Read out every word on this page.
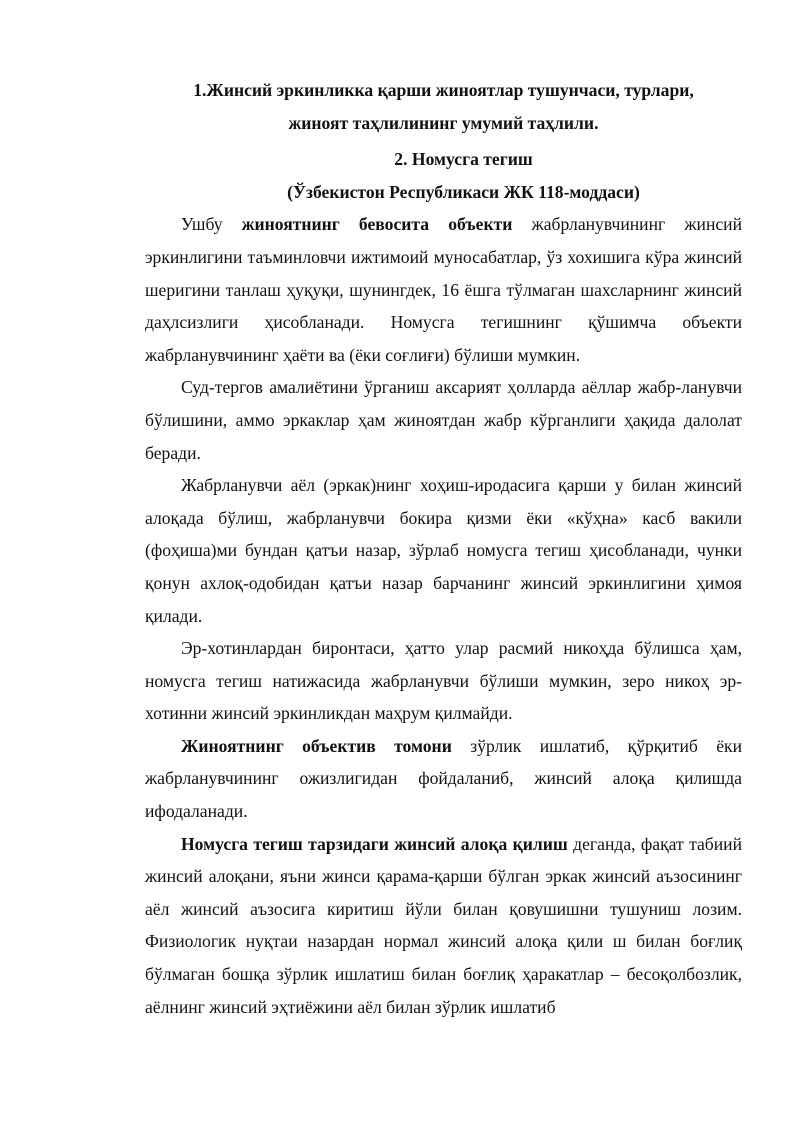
1.Жинсий эркинликка қарши жиноятлар тушунчаси, турлари,
жиноят таҳлилининг умумий таҳлили.
2. Номусга тегиш
(Ўзбекистон Республикаси ЖК 118-моддаси)

Ушбу жиноятнинг бевосита объекти жабрланувчининг жинсий эркинлигини таъминловчи ижтимоий муносабатлар, ўз хохишига кўра жинсий шеригини танлаш ҳуқуқи, шунингдек, 16 ёшга тўлмаган шахсларнинг жинсий даҳлсизлиги ҳисобланади. Номусга тегишнинг қўшимча объекти жабрланувчининг ҳаёти ва (ёки соғлиғи) бўлиши мумкин.

Суд-тергов амалиётини ўрганиш аксарият ҳолларда аёллар жабр-ланувчи бўлишини, аммо эркаклар ҳам жиноятдан жабр кўрганлиги ҳақида далолат беради.

Жабрланувчи аёл (эркак)нинг хоҳиш-иродасига қарши у билан жинсий алоқада бўлиш, жабрланувчи бокира қизми ёки «кўҳна» касб вакили (фоҳиша)ми бундан қатъи назар, зўрлаб номусга тегиш ҳисобланади, чунки қонун ахлоқ-одобидан қатъи назар барчанинг жинсий эркинлигини ҳимоя қилади.

Эр-хотинлардан биронтаси, ҳатто улар расмий никоҳда бўлишса ҳам, номусга тегиш натижасида жабрланувчи бўлиши мумкин, зеро никоҳ эр-хотинни жинсий эркинликдан маҳрум қилмайди.

Жиноятнинг объектив томони зўрлик ишлатиб, қўрқитиб ёки жабрланувчининг ожизлигидан фойдаланиб, жинсий алоқа қилишда ифодаланади.

Номусга тегиш тарзидаги жинсий алоқа қилиш деганда, фақат табиий жинсий алоқани, яъни жинси қарама-қарши бўлган эркак жинсий аъзосининг аёл жинсий аъзосига киритиш йўли билан қовушишни тушуниш лозим. Физиологик нуқтаи назардан нормал жинсий алоқа қили ш билан боғлиқ бўлмаган бошқа зўрлик ишлатиш билан боғлиқ ҳаракатлар – бесоқолбозлик, аёлнинг жинсий эҳтиёжини аёл билан зўрлик ишлатиб
